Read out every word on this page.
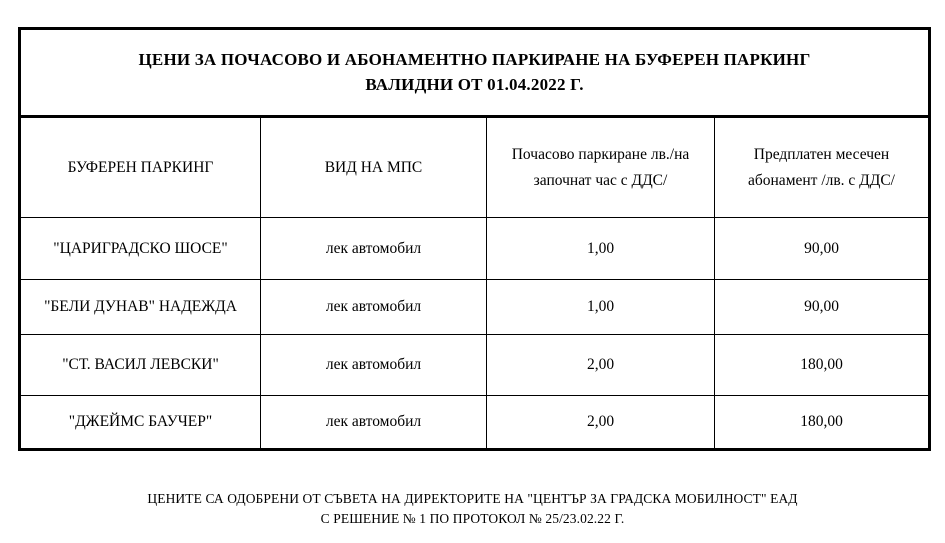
ЦЕНИ ЗА ПОЧАСОВО И АБОНАМЕНТНО ПАРКИРАНЕ НА БУФЕРЕН ПАРКИНГ
ВАЛИДНИ ОТ 01.04.2022 Г.			

БУФЕРЕН ПАРКИНГ	ВИД НА МПС	Почасово паркиране лв./на започнат час с ДДС/	Предплатен месечен абонамент /лв. с ДДС/
"ЦАРИГРАДСКО ШОСЕ"	лек автомобил	1,00	90,00
"БЕЛИ ДУНАВ" НАДЕЖДА	лек автомобил	1,00	90,00
"СТ. ВАСИЛ ЛЕВСКИ"	лек автомобил	2,00	180,00
"ДЖЕЙМС БАУЧЕР"	лек автомобил	2,00	180,00
ЦЕНИТЕ СА ОДОБРЕНИ ОТ СЪВЕТА НА ДИРЕКТОРИТЕ НА "ЦЕНТЪР ЗА ГРАДСКА МОБИЛНОСТ" ЕАД
С РЕШЕНИЕ № 1 ПО ПРОТОКОЛ № 25/23.02.22 Г.
